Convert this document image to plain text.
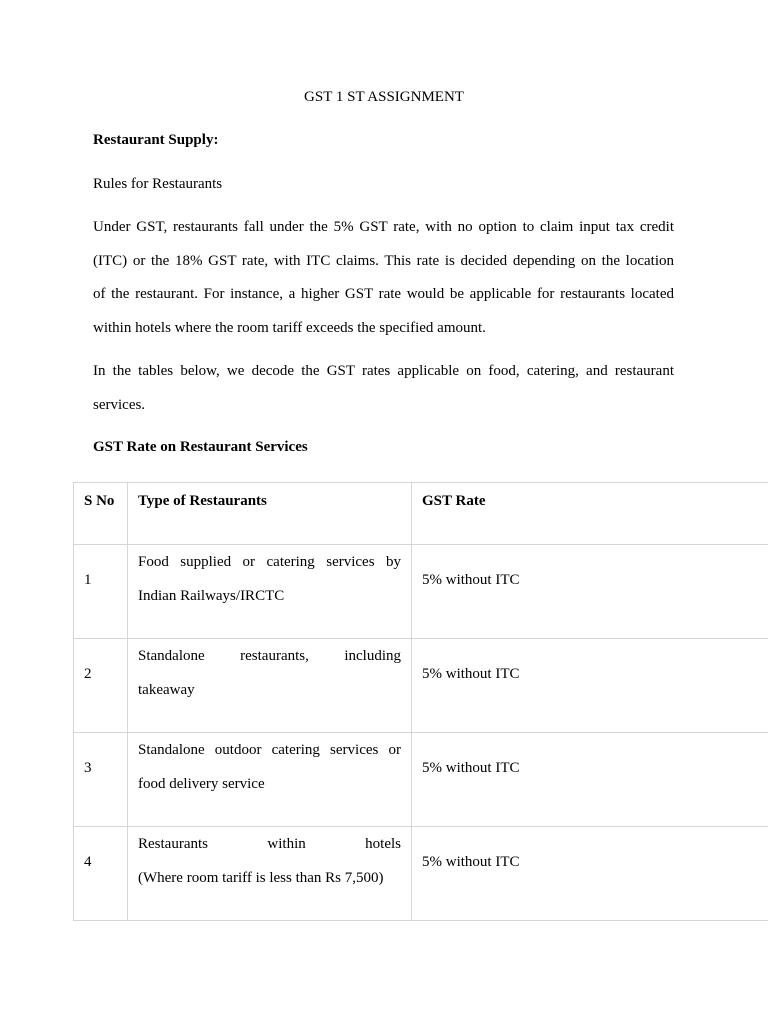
GST 1 ST ASSIGNMENT
Restaurant Supply:
Rules for Restaurants
Under GST, restaurants fall under the 5% GST rate, with no option to claim input tax credit
(ITC) or the 18% GST rate, with ITC claims. This rate is decided depending on the location
of the restaurant. For instance, a higher GST rate would be applicable for restaurants located
within hotels where the room tariff exceeds the specified amount.
In the tables below, we decode the GST rates applicable on food, catering, and restaurant
services.
GST Rate on Restaurant Services
S No	Type of Restaurants	GST Rate

1	Food supplied or catering services by
Indian Railways/IRCTC	5% without ITC

2	Standalone restaurants, including
takeaway	5% without ITC

3	Standalone outdoor catering services or
food delivery service	5% without ITC

4	Restaurants within hotels
(Where room tariff is less than Rs 7,500)	5% without ITC
